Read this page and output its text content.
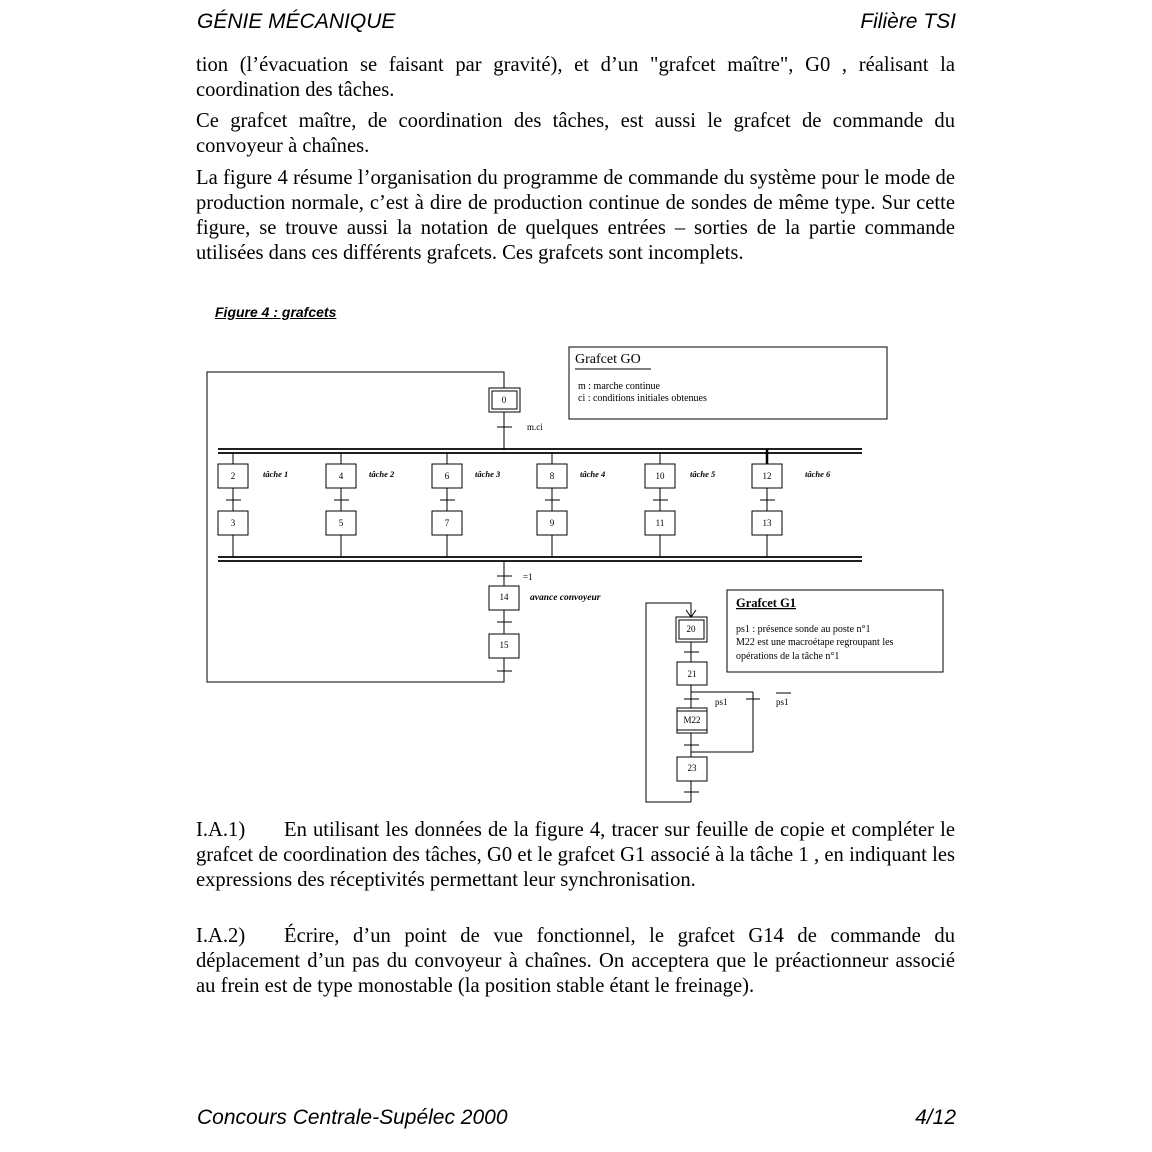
GÉNIE MÉCANIQUE	Filière TSI
tion (l’évacuation se faisant par gravité), et d’un "grafcet maître", G0 , réalisant la coordination des tâches.
Ce grafcet maître, de coordination des tâches, est aussi le grafcet de commande du convoyeur à chaînes.
La figure 4 résume l’organisation du programme de commande du système pour le mode de production normale, c’est à dire de production continue de sondes de même type. Sur cette figure, se trouve aussi la notation de quelques entrées – sorties de la partie commande utilisées dans ces différents grafcets. Ces grafcets sont incomplets.
Figure 4 : grafcets
0
2	4	6	8	10	12
3	5	7	9	11	13
14
15
20
21
M22
23
tâche 1	tâche 2	tâche 3	tâche 4	tâche 5	tâche 6
m.ci
=1
avance convoyeur
ps1	ps1
Grafcet GO
m : marche continue
ci : conditions initiales obtenues
Grafcet G1
ps1 : présence sonde au poste n°1
M22 est une macroétape regroupant les
opérations de la tâche n°1
I.A.1) En utilisant les données de la figure 4, tracer sur feuille de copie et compléter le grafcet de coordination des tâches, G0 et le grafcet G1 associé à la tâche 1 , en indiquant les expressions des réceptivités permettant leur synchronisation.
I.A.2) Écrire, d’un point de vue fonctionnel, le grafcet G14 de commande du déplacement d’un pas du convoyeur à chaînes. On acceptera que le préactionneur associé au frein est de type monostable (la position stable étant le freinage).
Concours Centrale-Supélec 2000	4/12
